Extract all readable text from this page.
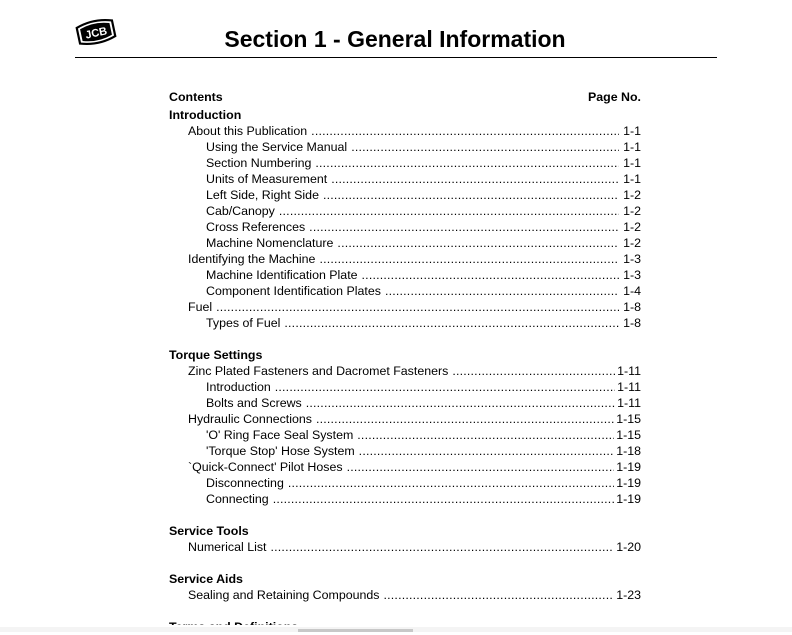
JCB	Section 1 - General Information
Contents	Page No.
Introduction
About this Publication .....	1-1
Using the Service Manual .....	1-1
Section Numbering .....	1-1
Units of Measurement .....	1-1
Left Side, Right Side .....	1-2
Cab/Canopy .....	1-2
Cross References .....	1-2
Machine Nomenclature .....	1-2
Identifying the Machine .....	1-3
Machine Identification Plate .....	1-3
Component Identification Plates .....	1-4
Fuel .....	1-8
Types of Fuel .....	1-8
Torque Settings
Zinc Plated Fasteners and Dacromet Fasteners .....	1-11
Introduction .....	1-11
Bolts and Screws .....	1-11
Hydraulic Connections .....	1-15
'O' Ring Face Seal System .....	1-15
'Torque Stop' Hose System .....	1-18
`Quick-Connect' Pilot Hoses .....	1-19
Disconnecting .....	1-19
Connecting .....	1-19
Service Tools
Numerical List .....	1-20
Service Aids
Sealing and Retaining Compounds .....	1-23
